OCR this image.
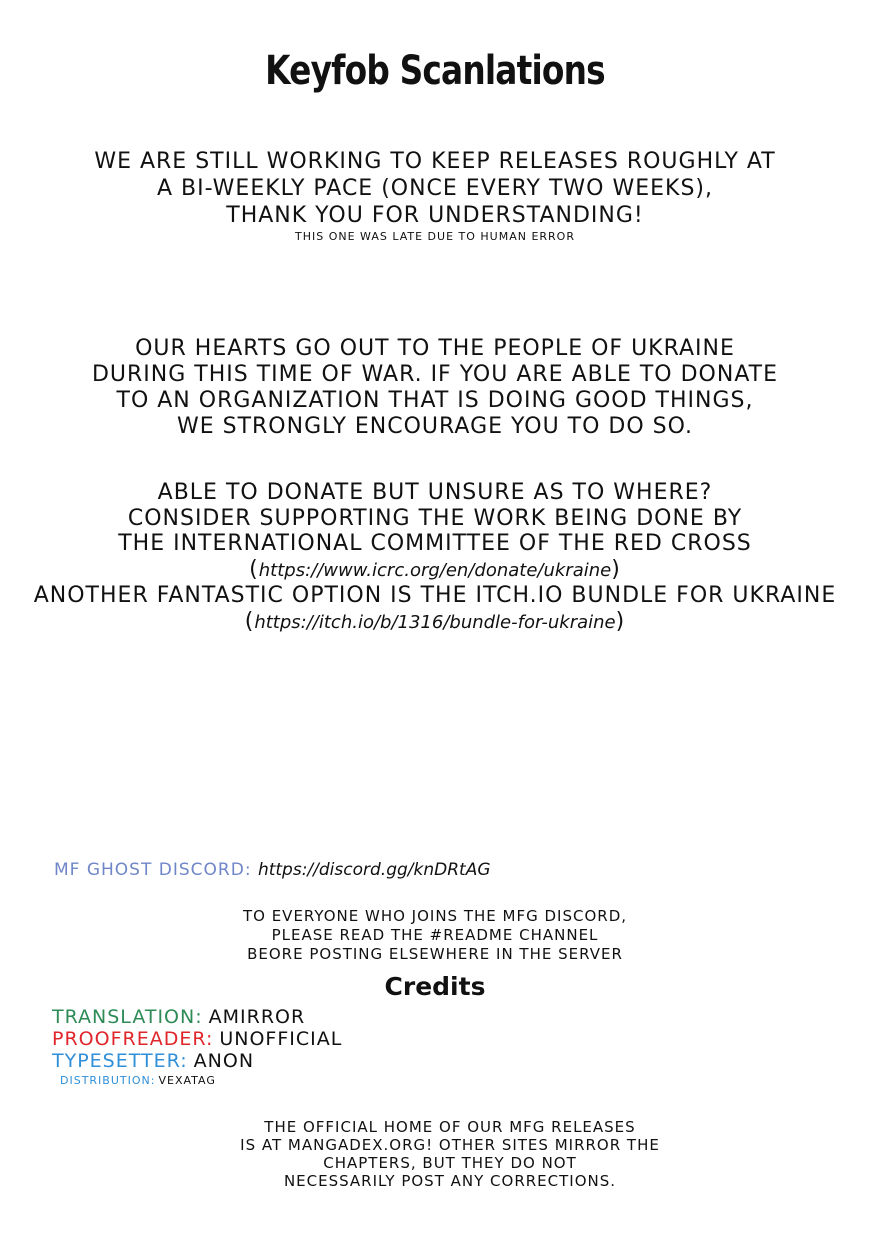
Keyfob Scanlations
WE ARE STILL WORKING TO KEEP RELEASES ROUGHLY AT
A BI-WEEKLY PACE (ONCE EVERY TWO WEEKS),
THANK YOU FOR UNDERSTANDING!
THIS ONE WAS LATE DUE TO HUMAN ERROR
OUR HEARTS GO OUT TO THE PEOPLE OF UKRAINE
DURING THIS TIME OF WAR. IF YOU ARE ABLE TO DONATE
TO AN ORGANIZATION THAT IS DOING GOOD THINGS,
WE STRONGLY ENCOURAGE YOU TO DO SO.
ABLE TO DONATE BUT UNSURE AS TO WHERE?
CONSIDER SUPPORTING THE WORK BEING DONE BY
THE INTERNATIONAL COMMITTEE OF THE RED CROSS
(https://www.icrc.org/en/donate/ukraine)
ANOTHER FANTASTIC OPTION IS THE ITCH.IO BUNDLE FOR UKRAINE
(https://itch.io/b/1316/bundle-for-ukraine)
MF GHOST DISCORD: https://discord.gg/knDRtAG
TO EVERYONE WHO JOINS THE MFG DISCORD,
PLEASE READ THE #README CHANNEL
BEORE POSTING ELSEWHERE IN THE SERVER
Credits
TRANSLATION: AMIRROR
PROOFREADER: UNOFFICIAL
TYPESETTER: ANON
DISTRIBUTION: VEXATAG
THE OFFICIAL HOME OF OUR MFG RELEASES
IS AT MANGADEX.ORG! OTHER SITES MIRROR THE
CHAPTERS, BUT THEY DO NOT
NECESSARILY POST ANY CORRECTIONS.
